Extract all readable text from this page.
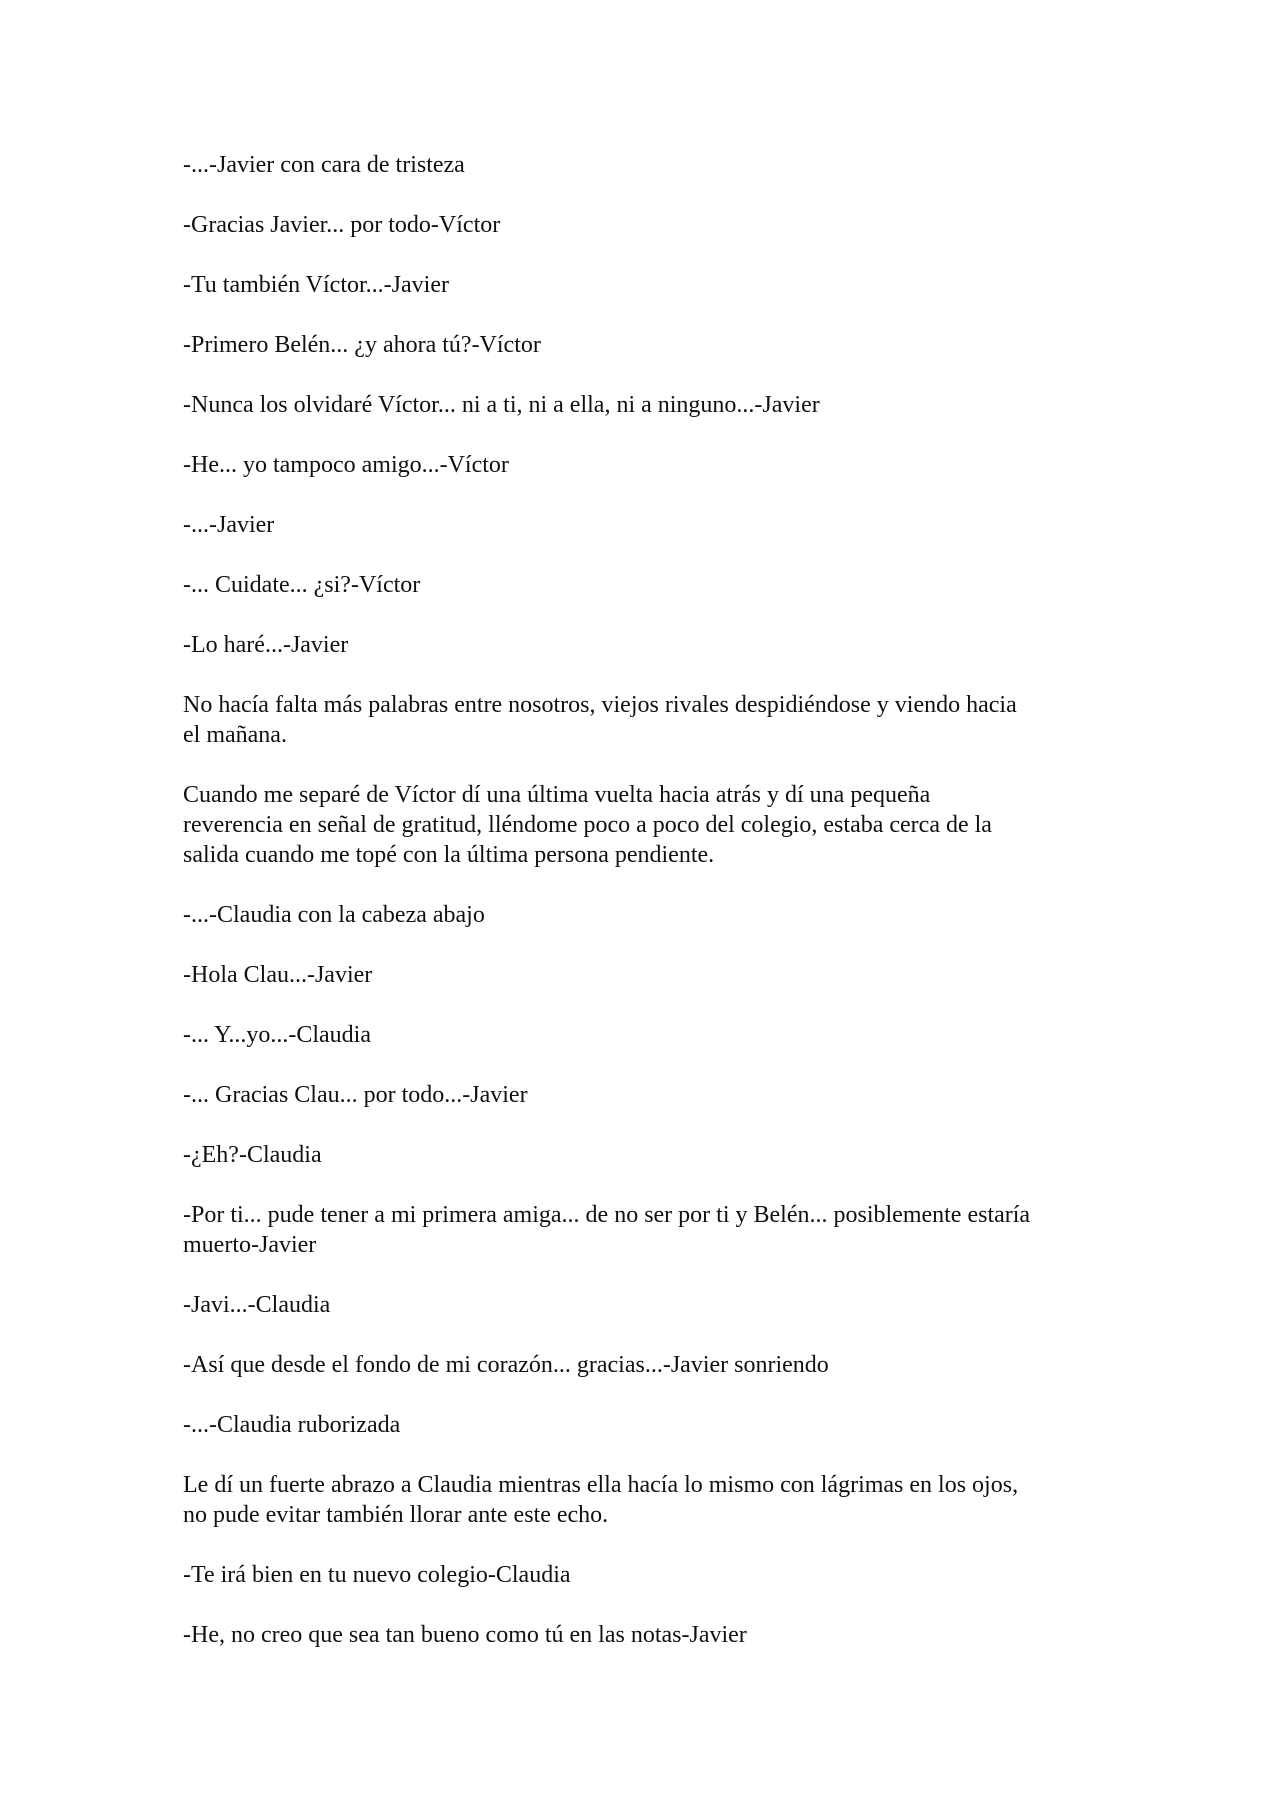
-...-Javier con cara de tristeza

-Gracias Javier... por todo-Víctor

-Tu también Víctor...-Javier

-Primero Belén... ¿y ahora tú?-Víctor

-Nunca los olvidaré Víctor... ni a ti, ni a ella, ni a ninguno...-Javier

-He... yo tampoco amigo...-Víctor

-...-Javier

-... Cuidate... ¿si?-Víctor

-Lo haré...-Javier

No hacía falta más palabras entre nosotros, viejos rivales despidiéndose y viendo hacia
el mañana.

Cuando me separé de Víctor dí una última vuelta hacia atrás y dí una pequeña
reverencia en señal de gratitud, lléndome poco a poco del colegio, estaba cerca de la
salida cuando me topé con la última persona pendiente.

-...-Claudia con la cabeza abajo

-Hola Clau...-Javier

-... Y...yo...-Claudia

-... Gracias Clau... por todo...-Javier

-¿Eh?-Claudia

-Por ti... pude tener a mi primera amiga... de no ser por ti y Belén... posiblemente estaría
muerto-Javier

-Javi...-Claudia

-Así que desde el fondo de mi corazón... gracias...-Javier sonriendo

-...-Claudia ruborizada

Le dí un fuerte abrazo a Claudia mientras ella hacía lo mismo con lágrimas en los ojos,
no pude evitar también llorar ante este echo.

-Te irá bien en tu nuevo colegio-Claudia

-He, no creo que sea tan bueno como tú en las notas-Javier
